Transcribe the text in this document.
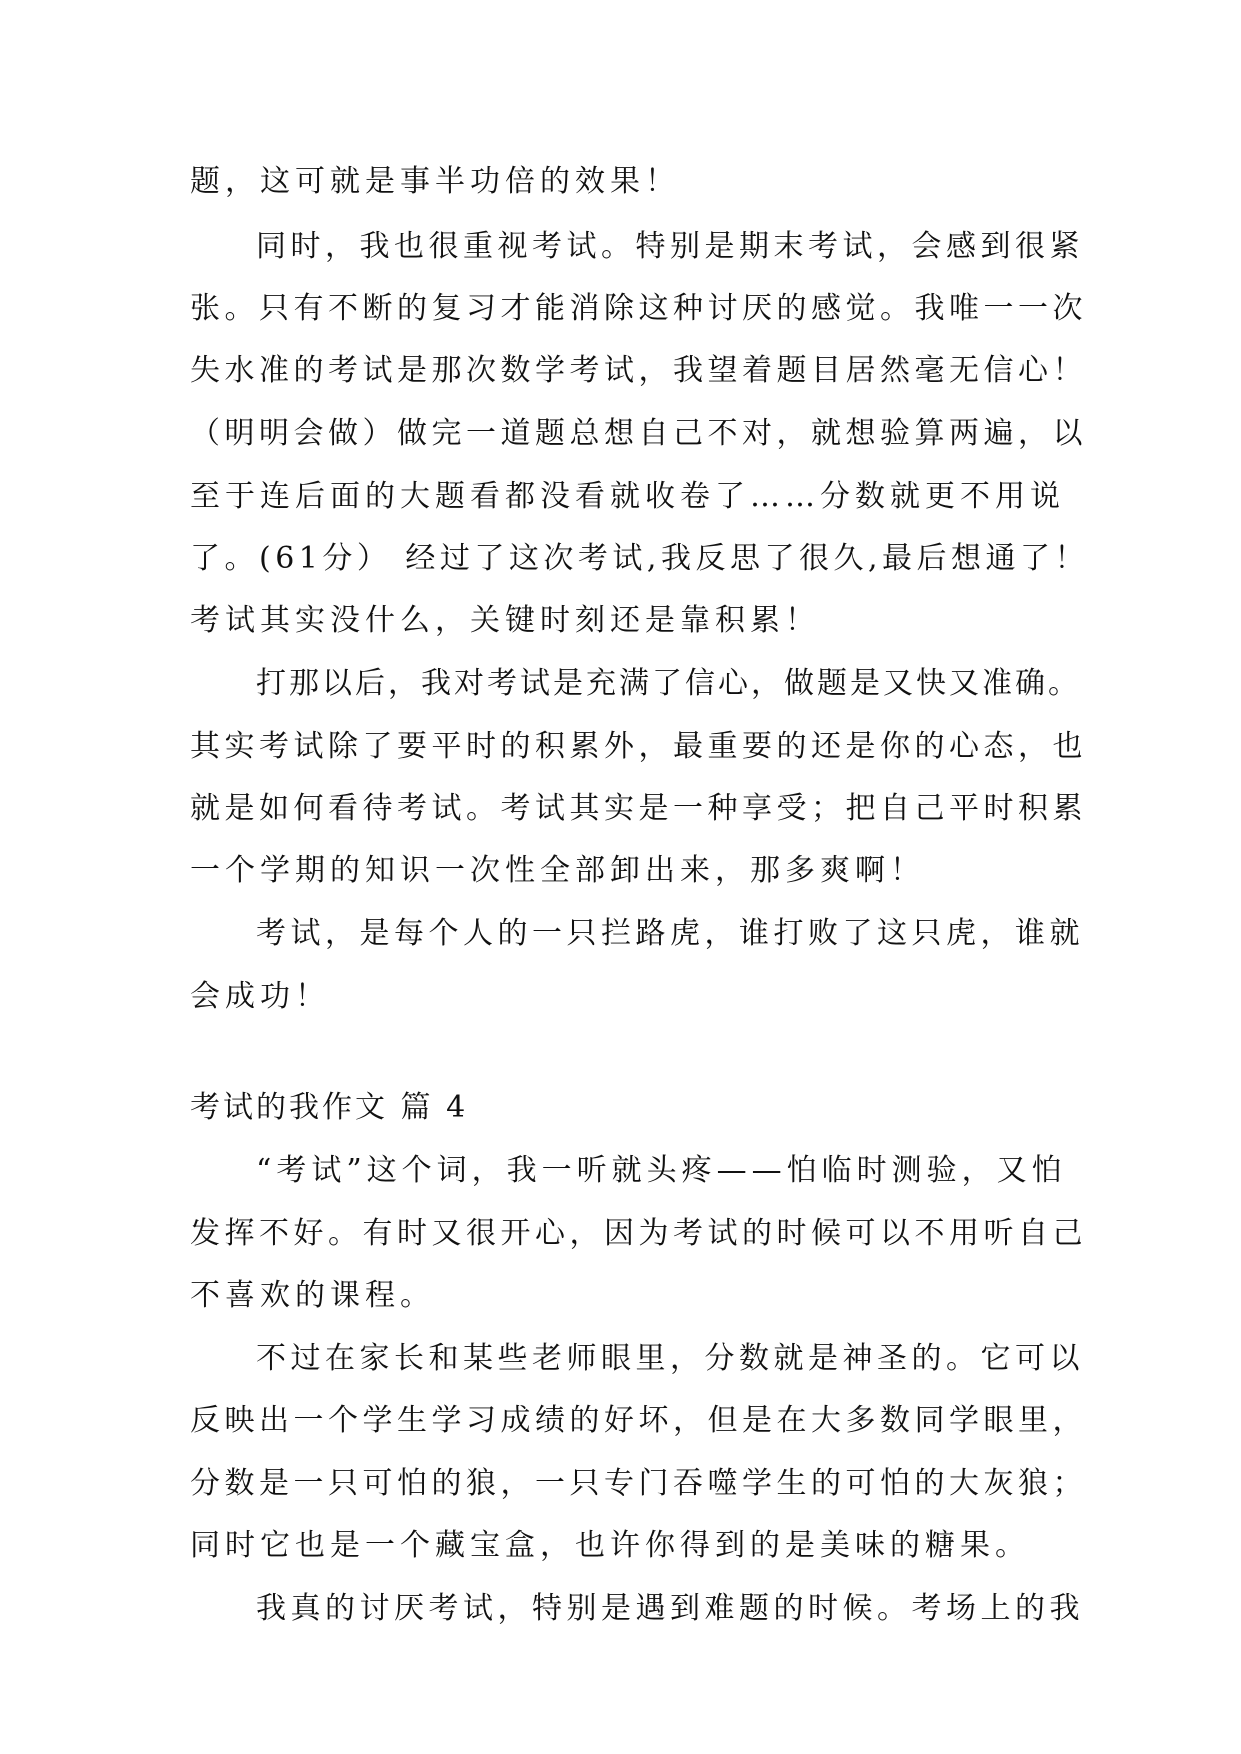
题，这可就是事半功倍的效果！
同时，我也很重视考试。特别是期末考试，会感到很紧
张。只有不断的复习才能消除这种讨厌的感觉。我唯一一次
失水准的考试是那次数学考试，我望着题目居然毫无信心！
（明明会做）做完一道题总想自己不对，就想验算两遍，以
至于连后面的大题看都没看就收卷了……分数就更不用说
了。(61分） 经过了这次考试,我反思了很久,最后想通了！
考试其实没什么，关键时刻还是靠积累！
打那以后，我对考试是充满了信心，做题是又快又准确。
其实考试除了要平时的积累外，最重要的还是你的心态，也
就是如何看待考试。考试其实是一种享受；把自己平时积累
一个学期的知识一次性全部卸出来，那多爽啊！
考试，是每个人的一只拦路虎，谁打败了这只虎，谁就
会成功！
考试的我作文 篇 4
“考试”这个词，我一听就头疼——怕临时测验，又怕
发挥不好。有时又很开心，因为考试的时候可以不用听自己
不喜欢的课程。
不过在家长和某些老师眼里，分数就是神圣的。它可以
反映出一个学生学习成绩的好坏，但是在大多数同学眼里，
分数是一只可怕的狼，一只专门吞噬学生的可怕的大灰狼；
同时它也是一个藏宝盒，也许你得到的是美味的糖果。
我真的讨厌考试，特别是遇到难题的时候。考场上的我
